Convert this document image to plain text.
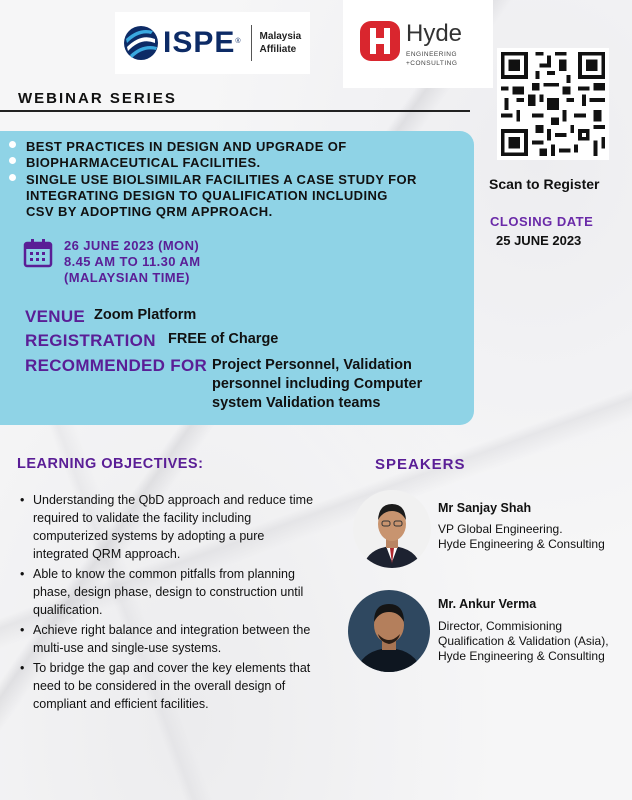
ISPE ® Malaysia
Affiliate
Hyde
ENGINEERING
+CONSULTING
WEBINAR SERIES
Scan to Register
CLOSING DATE
25 JUNE 2023
BEST PRACTICES IN DESIGN AND UPGRADE OF
BIOPHARMACEUTICAL FACILITIES.
SINGLE USE BIOLSIMILAR FACILITIES A CASE STUDY FOR
INTEGRATING DESIGN TO QUALIFICATION INCLUDING
CSV BY ADOPTING QRM APPROACH.
26 JUNE 2023 (MON)
8.45 AM TO 11.30 AM
(MALAYSIAN TIME)
VENUE Zoom Platform
REGISTRATION FREE of Charge
RECOMMENDED FOR Project Personnel, Validation
personnel including Computer
system Validation teams
LEARNING OBJECTIVES:
• Understanding the QbD approach and reduce time required to validate the facility including computerized systems by adopting a pure integrated QRM approach.
• Able to know the common pitfalls from planning phase, design phase, design to construction until qualification.
• Achieve right balance and integration between the multi-use and single-use systems.
• To bridge the gap and cover the key elements that need to be considered in the overall design of compliant and efficient facilities.
SPEAKERS
Mr Sanjay Shah
VP Global Engineering.
Hyde Engineering & Consulting
Mr. Ankur Verma
Director, Commisioning
Qualification & Validation (Asia),
Hyde Engineering & Consulting
